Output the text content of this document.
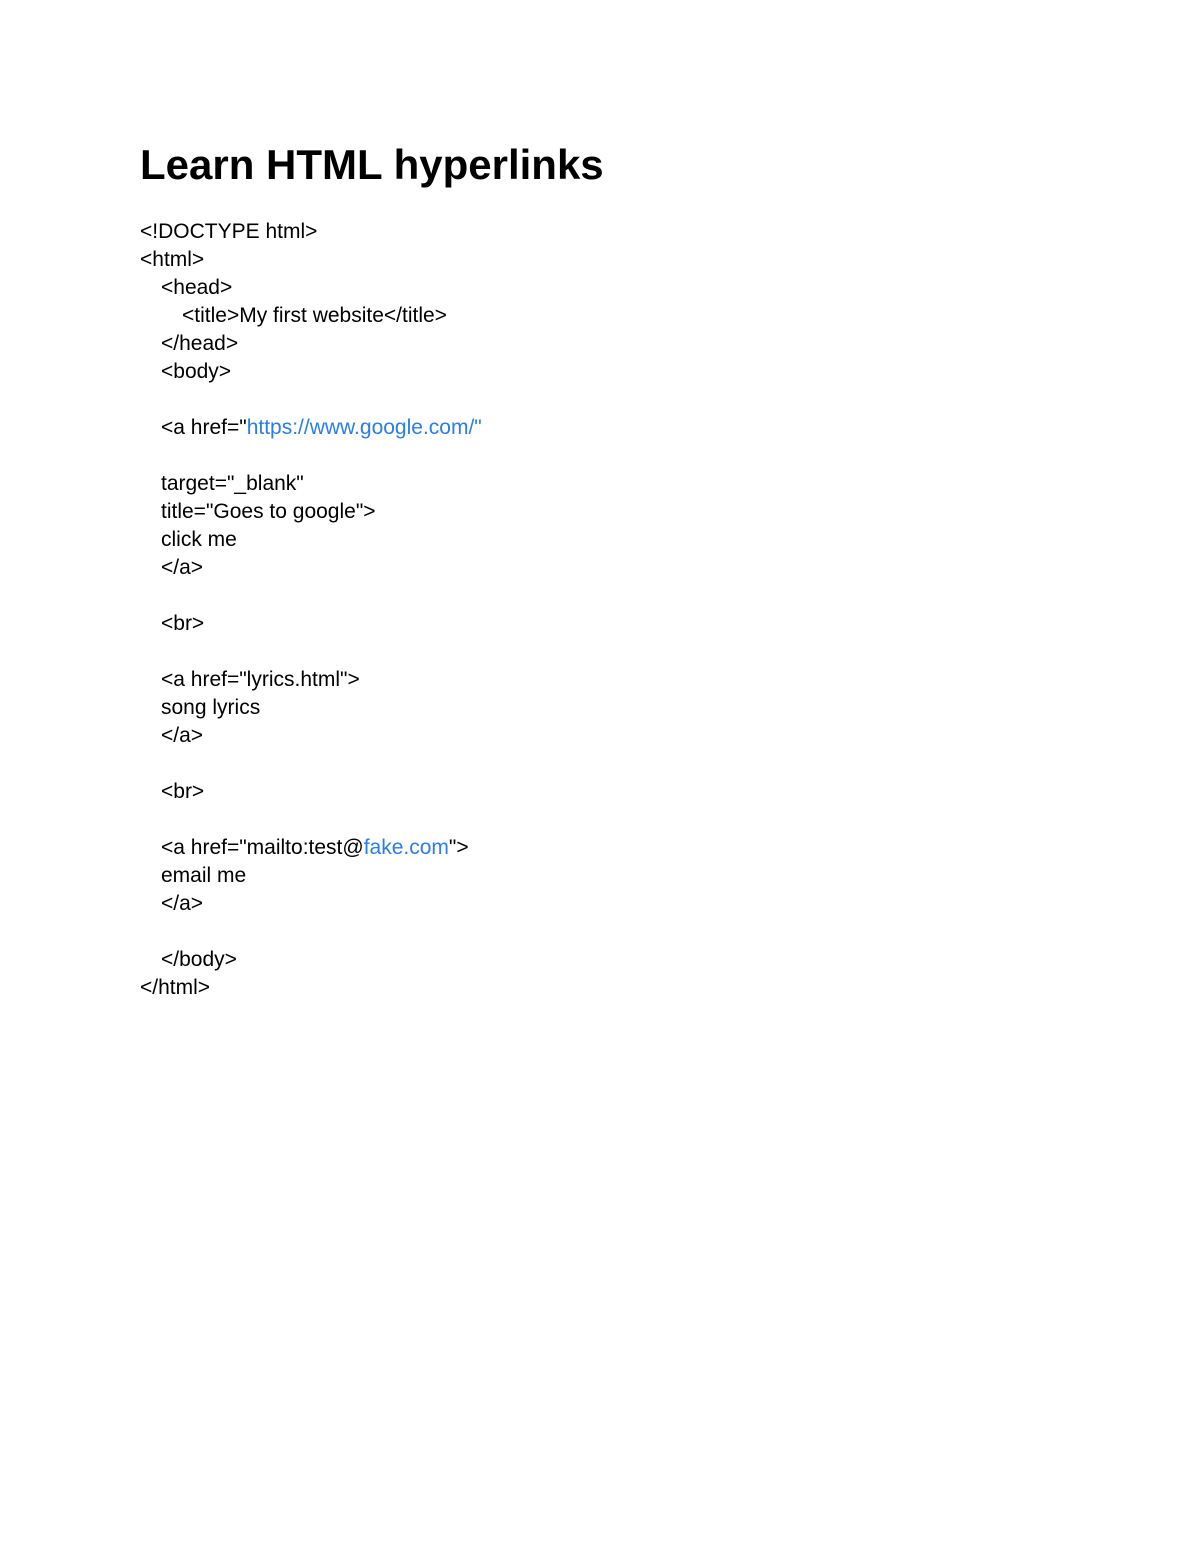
Learn HTML hyperlinks
<!DOCTYPE html>
<html>
<head>
<title>My first website</title>
</head>
<body>

<a href="https://www.google.com/"

target="_blank"
title="Goes to google">
click me
</a>

<br>

<a href="lyrics.html">
song lyrics
</a>

<br>

<a href="mailto:test@fake.com">
email me
</a>

</body>
</html>
